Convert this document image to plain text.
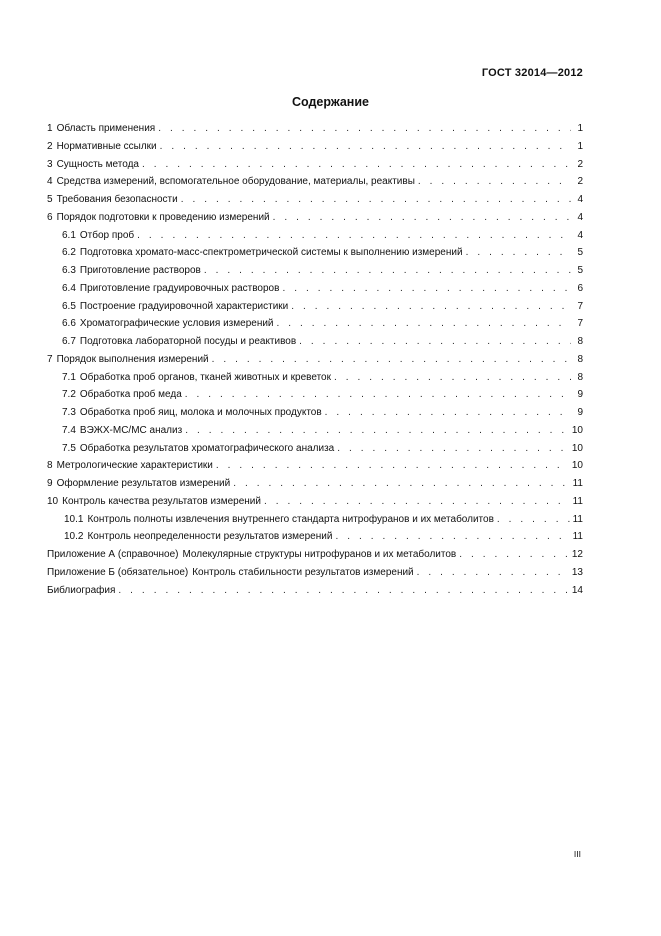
ГОСТ 32014—2012
Содержание
1 Область применения . . .	1
2 Нормативные ссылки . . .	1
3 Сущность метода . . .	2
4 Средства измерений, вспомогательное оборудование, материалы, реактивы . . .	2
5 Требования безопасности . . .	4
6 Порядок подготовки к проведению измерений . . .	4
6.1 Отбор проб . . .	4
6.2 Подготовка хромато-масс-спектрометрической системы к выполнению измерений . . .	5
6.3 Приготовление растворов . . .	5
6.4 Приготовление градуировочных растворов . . .	6
6.5 Построение градуировочной характеристики . . .	7
6.6 Хроматографические условия измерений . . .	7
6.7 Подготовка лабораторной посуды и реактивов . . .	8
7 Порядок выполнения измерений . . .	8
7.1 Обработка проб органов, тканей животных и креветок . . .	8
7.2 Обработка проб меда . . .	9
7.3 Обработка проб яиц, молока и молочных продуктов . . .	9
7.4 ВЭЖХ-МС/МС анализ . . .	10
7.5 Обработка результатов хроматографического анализа . . .	10
8 Метрологические характеристики . . .	10
9 Оформление результатов измерений . . .	11
10 Контроль качества результатов измерений . . .	11
10.1 Контроль полноты извлечения внутреннего стандарта нитрофуранов и их метаболитов . . .	11
10.2 Контроль неопределенности результатов измерений . . .	11
Приложение А (справочное) Молекулярные структуры нитрофуранов и их метаболитов . . .	12
Приложение Б (обязательное) Контроль стабильности результатов измерений . . .	13
Библиография . . .	14
III
